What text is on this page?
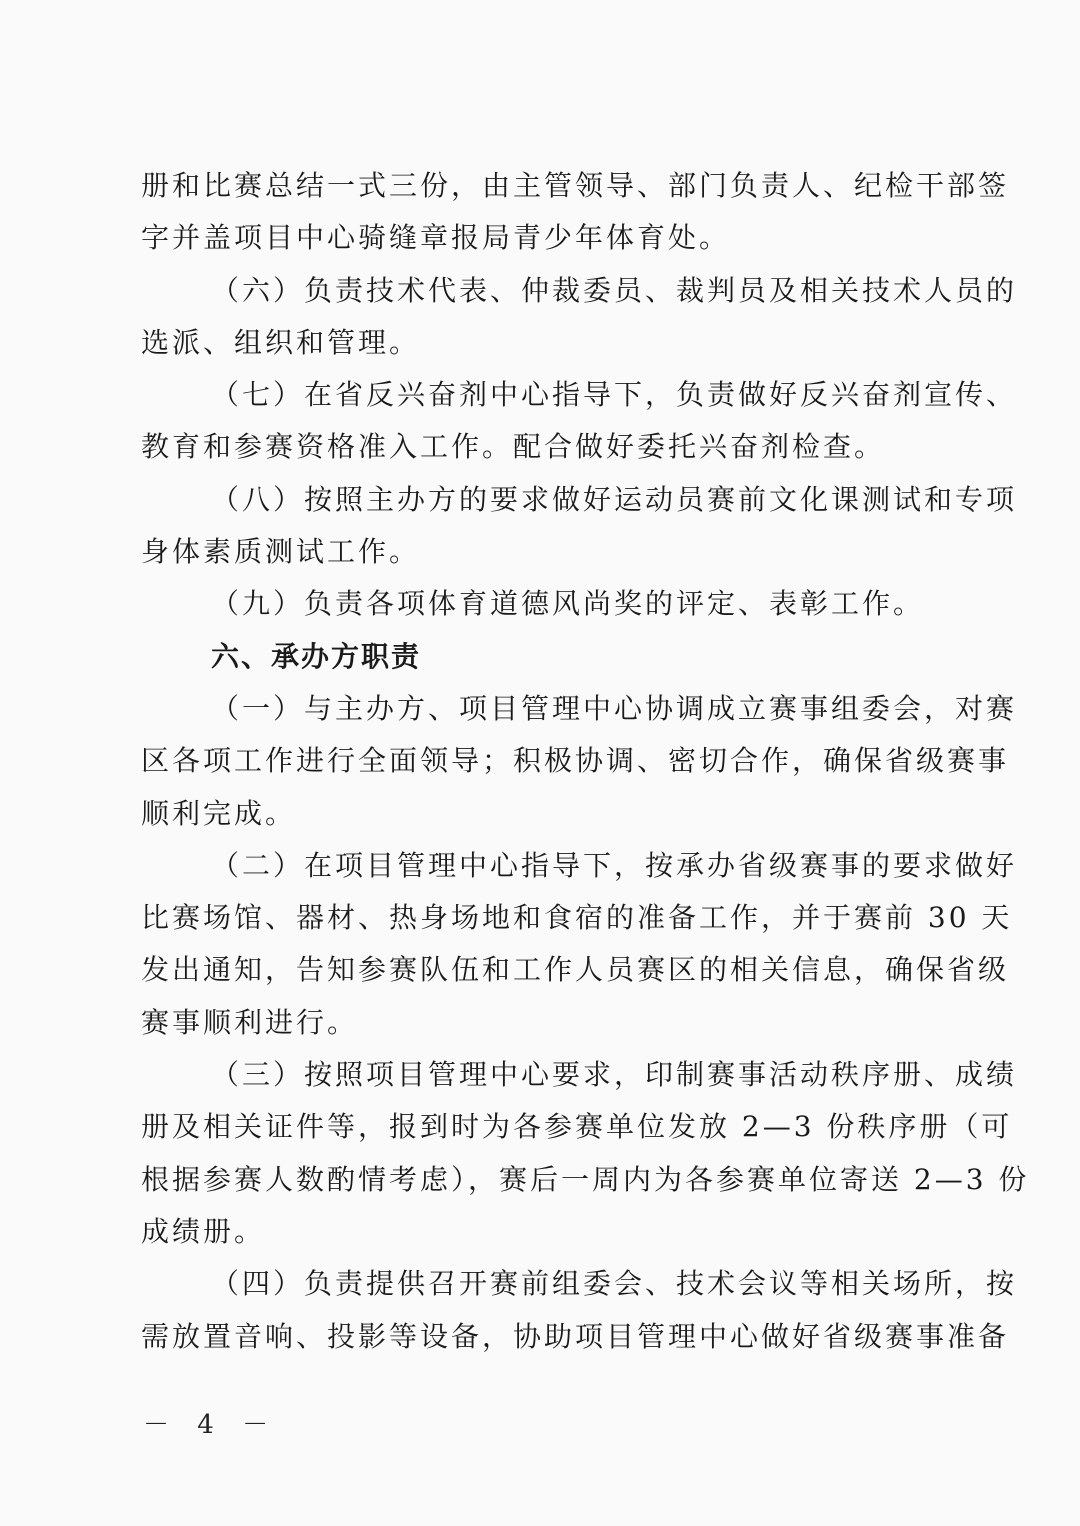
册和比赛总结一式三份，由主管领导、部门负责人、纪检干部签
字并盖项目中心骑缝章报局青少年体育处。
（六）负责技术代表、仲裁委员、裁判员及相关技术人员的
选派、组织和管理。
（七）在省反兴奋剂中心指导下，负责做好反兴奋剂宣传、
教育和参赛资格准入工作。配合做好委托兴奋剂检查。
（八）按照主办方的要求做好运动员赛前文化课测试和专项
身体素质测试工作。
（九）负责各项体育道德风尚奖的评定、表彰工作。
六、承办方职责
（一）与主办方、项目管理中心协调成立赛事组委会，对赛
区各项工作进行全面领导；积极协调、密切合作，确保省级赛事
顺利完成。
（二）在项目管理中心指导下，按承办省级赛事的要求做好
比赛场馆、器材、热身场地和食宿的准备工作，并于赛前 30 天
发出通知，告知参赛队伍和工作人员赛区的相关信息，确保省级
赛事顺利进行。
（三）按照项目管理中心要求，印制赛事活动秩序册、成绩
册及相关证件等，报到时为各参赛单位发放 2—3 份秩序册（可
根据参赛人数酌情考虑），赛后一周内为各参赛单位寄送 2—3 份
成绩册。
（四）负责提供召开赛前组委会、技术会议等相关场所，按
需放置音响、投影等设备，协助项目管理中心做好省级赛事准备
－ 4 －
